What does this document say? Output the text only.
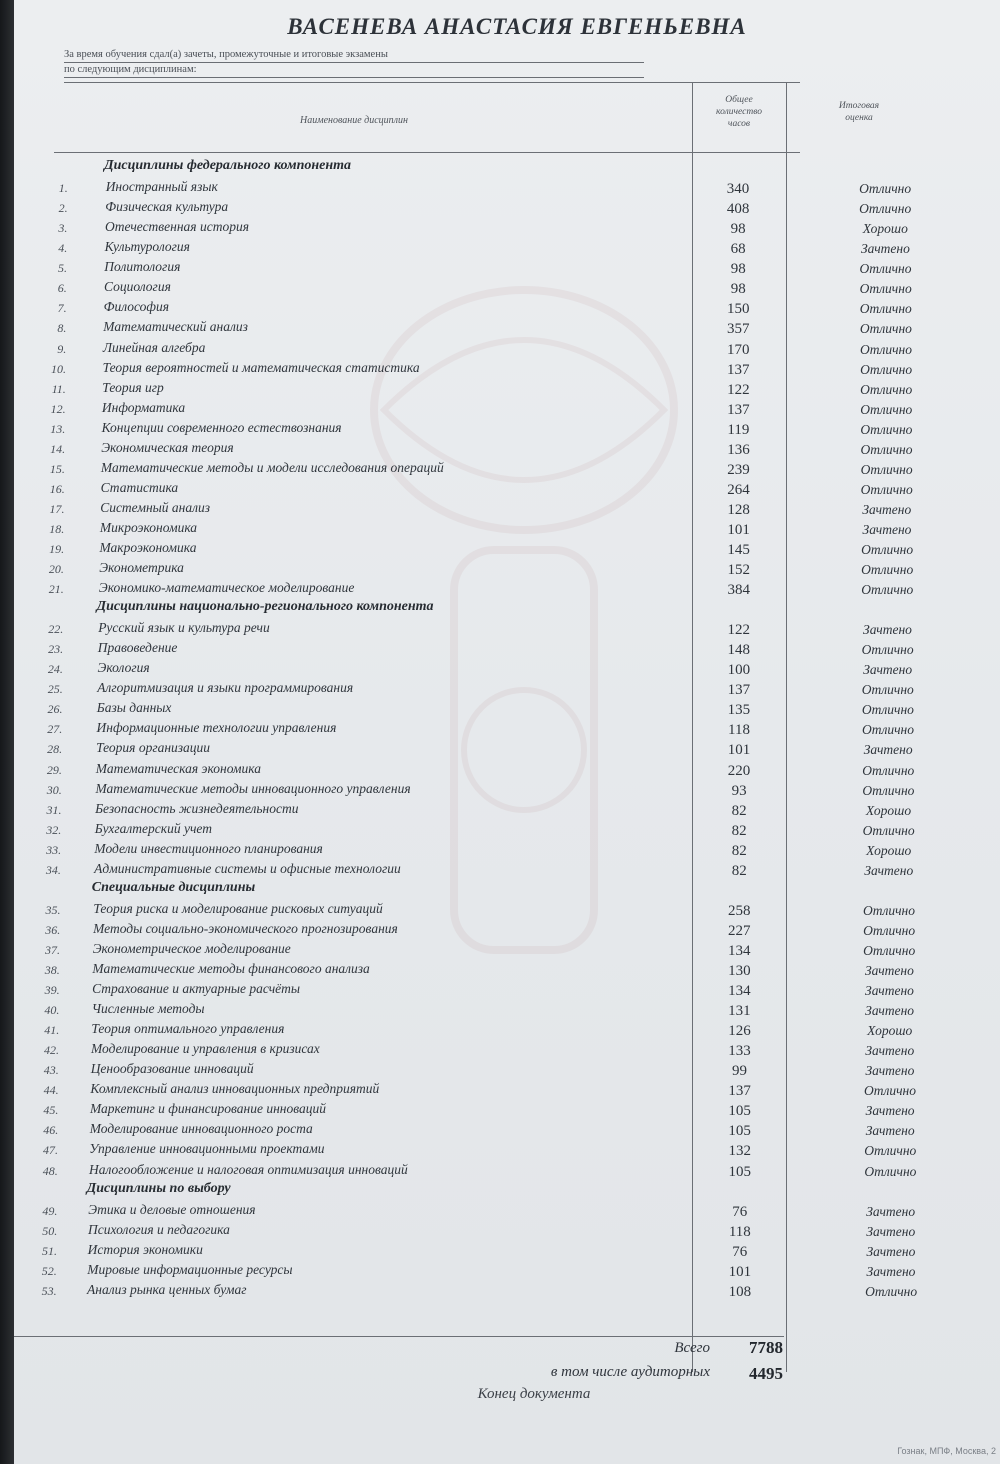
ВАСЕНЕВА АНАСТАСИЯ ЕВГЕНЬЕВНА
За время обучения сдал(а) зачеты, промежуточные и итоговые экзамены
по следующим дисциплинам:
Наименование дисциплин
Общее
количество
часов
Итоговая
оценка
Дисциплины федерального компонента
1.	Иностранный язык	340	Отлично
2.	Физическая культура	408	Отлично
3.	Отечественная история	98	Хорошо
4.	Культурология	68	Зачтено
5.	Политология	98	Отлично
6.	Социология	98	Отлично
7.	Философия	150	Отлично
8.	Математический анализ	357	Отлично
9.	Линейная алгебра	170	Отлично
10.	Теория вероятностей и математическая статистика	137	Отлично
11.	Теория игр	122	Отлично
12.	Информатика	137	Отлично
13.	Концепции современного естествознания	119	Отлично
14.	Экономическая теория	136	Отлично
15.	Математические методы и модели исследования операций	239	Отлично
16.	Статистика	264	Отлично
17.	Системный анализ	128	Зачтено
18.	Микроэкономика	101	Зачтено
19.	Макроэкономика	145	Отлично
20.	Эконометрика	152	Отлично
21.	Экономико-математическое моделирование	384	Отлично
Дисциплины национально-регионального компонента
22.	Русский язык и культура речи	122	Зачтено
23.	Правоведение	148	Отлично
24.	Экология	100	Зачтено
25.	Алгоритмизация и языки программирования	137	Отлично
26.	Базы данных	135	Отлично
27.	Информационные технологии управления	118	Отлично
28.	Теория организации	101	Зачтено
29.	Математическая экономика	220	Отлично
30.	Математические методы инновационного управления	93	Отлично
31. Безопасность жизнедеятельности	82	Хорошо
32. Бухгалтерский учет	82	Отлично
33. Модели инвестиционного планирования	82	Хорошо
34. Административные системы и офисные технологии	82	Зачтено
Специальные дисциплины
35. Теория риска и моделирование рисковых ситуаций	258	Отлично
36. Методы социально-экономического прогнозирования	227	Отлично
37. Эконометрическое моделирование	134	Отлично
38. Математические методы финансового анализа	130	Зачтено
39. Страхование и актуарные расчёты	134	Зачтено
40. Численные методы	131	Зачтено
41. Теория оптимального управления	126	Хорошо
42. Моделирование и управления в кризисах	133	Зачтено
43. Ценообразование инноваций	99	Зачтено
44. Комплексный анализ инновационных предприятий	137	Отлично
45. Маркетинг и финансирование инноваций	105	Зачтено
46. Моделирование инновационного роста	105	Зачтено
47. Управление инновационными проектами	132	Отлично
48. Налогообложение и налоговая оптимизация инноваций	105	Отлично
Дисциплины по выбору
49. Этика и деловые отношения	76	Зачтено
50. Психология и педагогика	118	Зачтено
51. История экономики	76	Зачтено
52. Мировые информационные ресурсы	101	Зачтено
53. Анализ рынка ценных бумаг	108	Отлично
Всего	7788
в том числе аудиторных	4495
Конец документа
Гознак, МПФ, Москва, 2
